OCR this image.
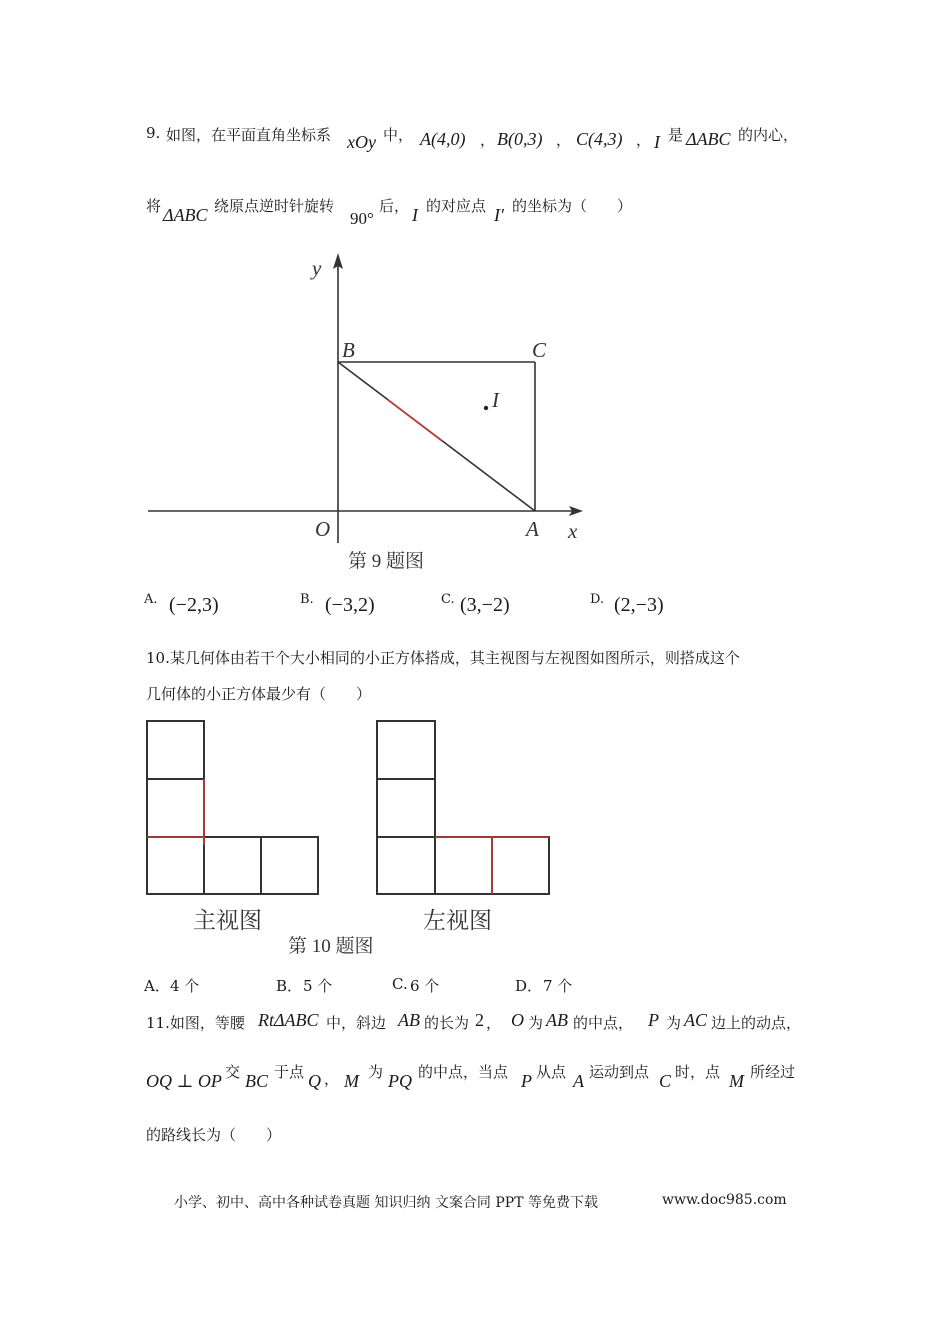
9. 如图，在平面直角坐标系 xOy 中， A(4,0) ， B(0,3) ， C(4,3) ， I 是 ΔABC 的内心，
将 ΔABC 绕原点逆时针旋转
90°
后， I 的对应点 I′ 的坐标为（　　）
y
x
O	A
B	C
I
第 9 题图
A. (−2,3)	B. (−3,2)	C. (3,−2)	D. (2,−3)
10.某几何体由若干个大小相同的小正方体搭成，其主视图与左视图如图所示，则搭成这个
几何体的小正方体最少有（　　）
主视图	左视图
第 10 题图
A． 4 个	B． 5 个	C. 6 个	D． 7 个
11.如图，等腰 RtΔABC 中，斜边 AB 的长为 2 ， O 为 AB 的中点， P 为 AC 边上的动点，
OQ ⊥ OP 交 BC 于点 Q ， M 为 PQ 的中点，当点 P 从点 A 运动到点 C 时，点 M 所经过
的路线长为（　　）
小学、初中、高中各种试卷真题 知识归纳 文案合同 PPT 等免费下载	www.doc985.com
